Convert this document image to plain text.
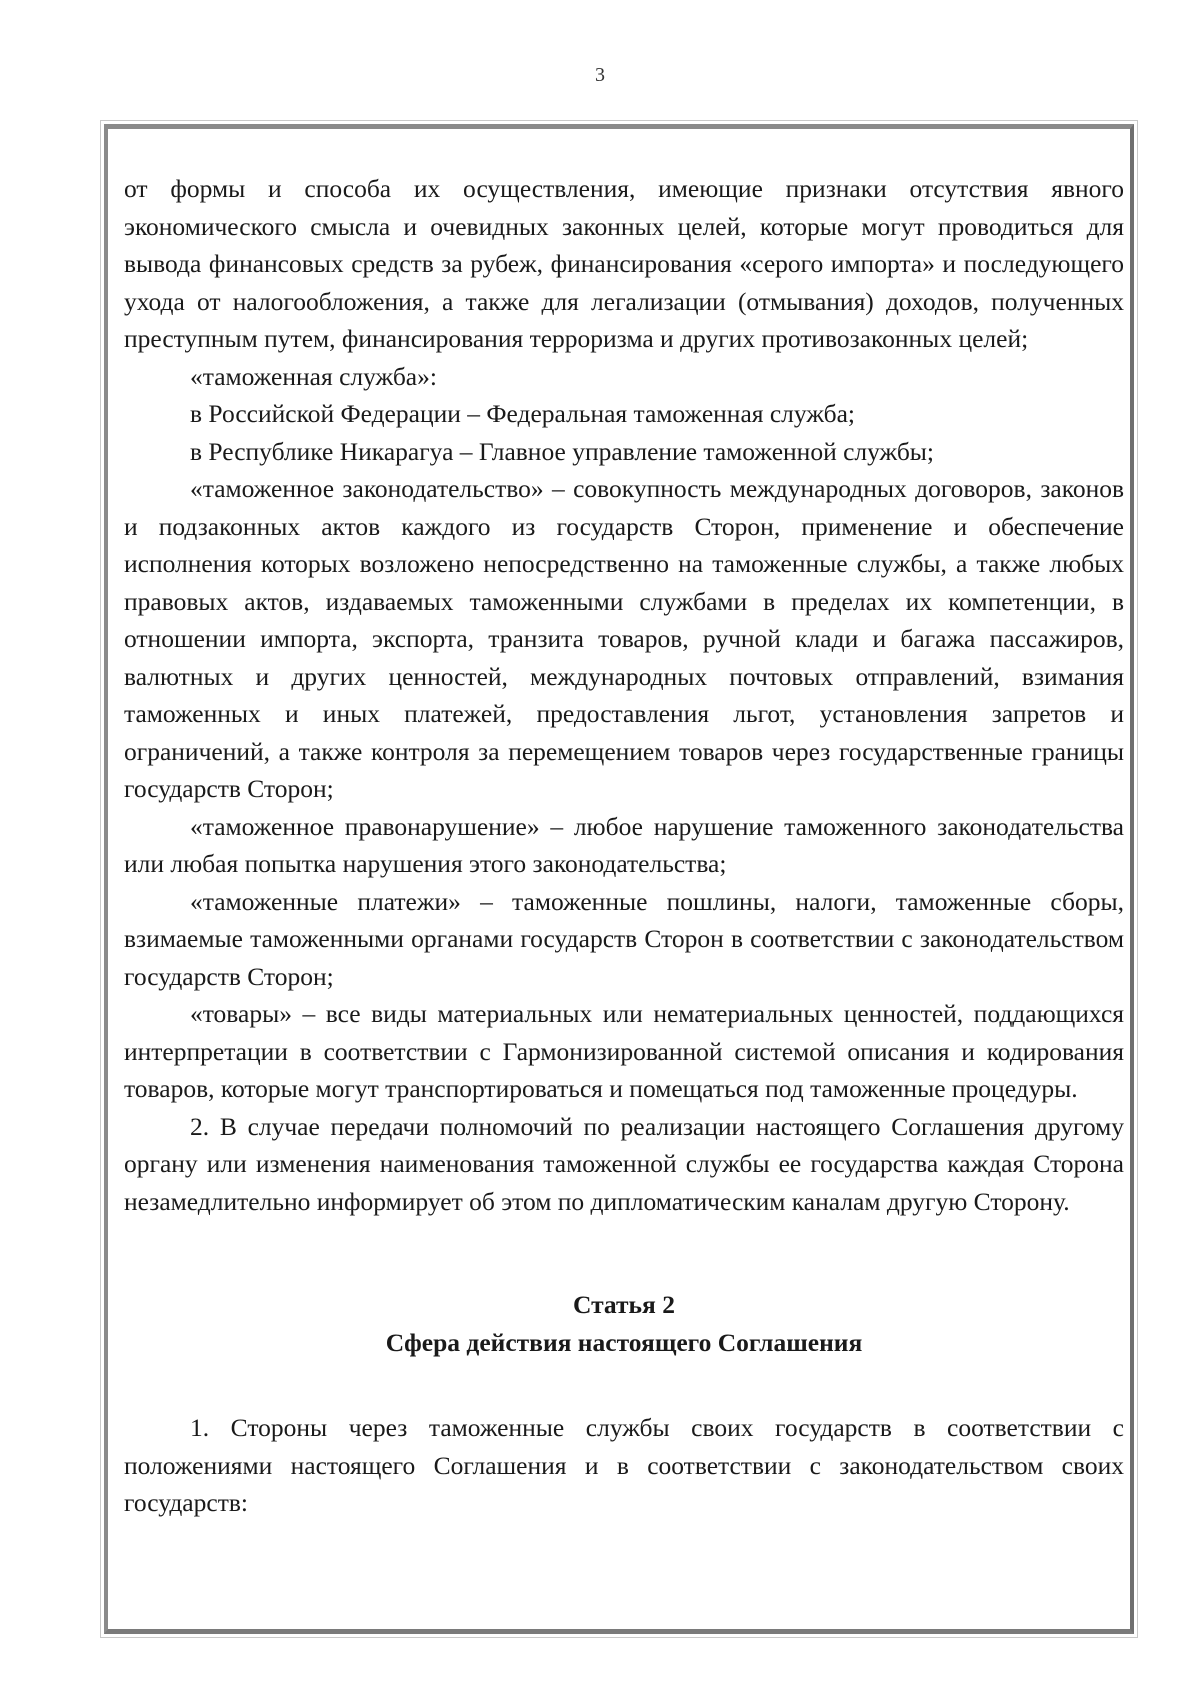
3

от формы и способа их осуществления, имеющие признаки отсутствия явного экономического смысла и очевидных законных целей, которые могут проводиться для вывода финансовых средств за рубеж, финансирования «серого импорта» и последующего ухода от налогообложения, а также для легализации (отмывания) доходов, полученных преступным путем, финансирования терроризма и других противозаконных целей;

«таможенная служба»:

в Российской Федерации – Федеральная таможенная служба;

в Республике Никарагуа – Главное управление таможенной службы;

«таможенное законодательство» – совокупность международных договоров, законов и подзаконных актов каждого из государств Сторон, применение и обеспечение исполнения которых возложено непосредственно на таможенные службы, а также любых правовых актов, издаваемых таможенными службами в пределах их компетенции, в отношении импорта, экспорта, транзита товаров, ручной клади и багажа пассажиров, валютных и других ценностей, международных почтовых отправлений, взимания таможенных и иных платежей, предоставления льгот, установления запретов и ограничений, а также контроля за перемещением товаров через государственные границы государств Сторон;

«таможенное правонарушение» – любое нарушение таможенного законодательства или любая попытка нарушения этого законодательства;

«таможенные платежи» – таможенные пошлины, налоги, таможенные сборы, взимаемые таможенными органами государств Сторон в соответствии с законодательством государств Сторон;

«товары» – все виды материальных или нематериальных ценностей, поддающихся интерпретации в соответствии с Гармонизированной системой описания и кодирования товаров, которые могут транспортироваться и помещаться под таможенные процедуры.

2. В случае передачи полномочий по реализации настоящего Соглашения другому органу или изменения наименования таможенной службы ее государства каждая Сторона незамедлительно информирует об этом по дипломатическим каналам другую Сторону.

Статья 2
Сфера действия настоящего Соглашения

1. Стороны через таможенные службы своих государств в соответствии с положениями настоящего Соглашения и в соответствии с законодательством своих государств:
